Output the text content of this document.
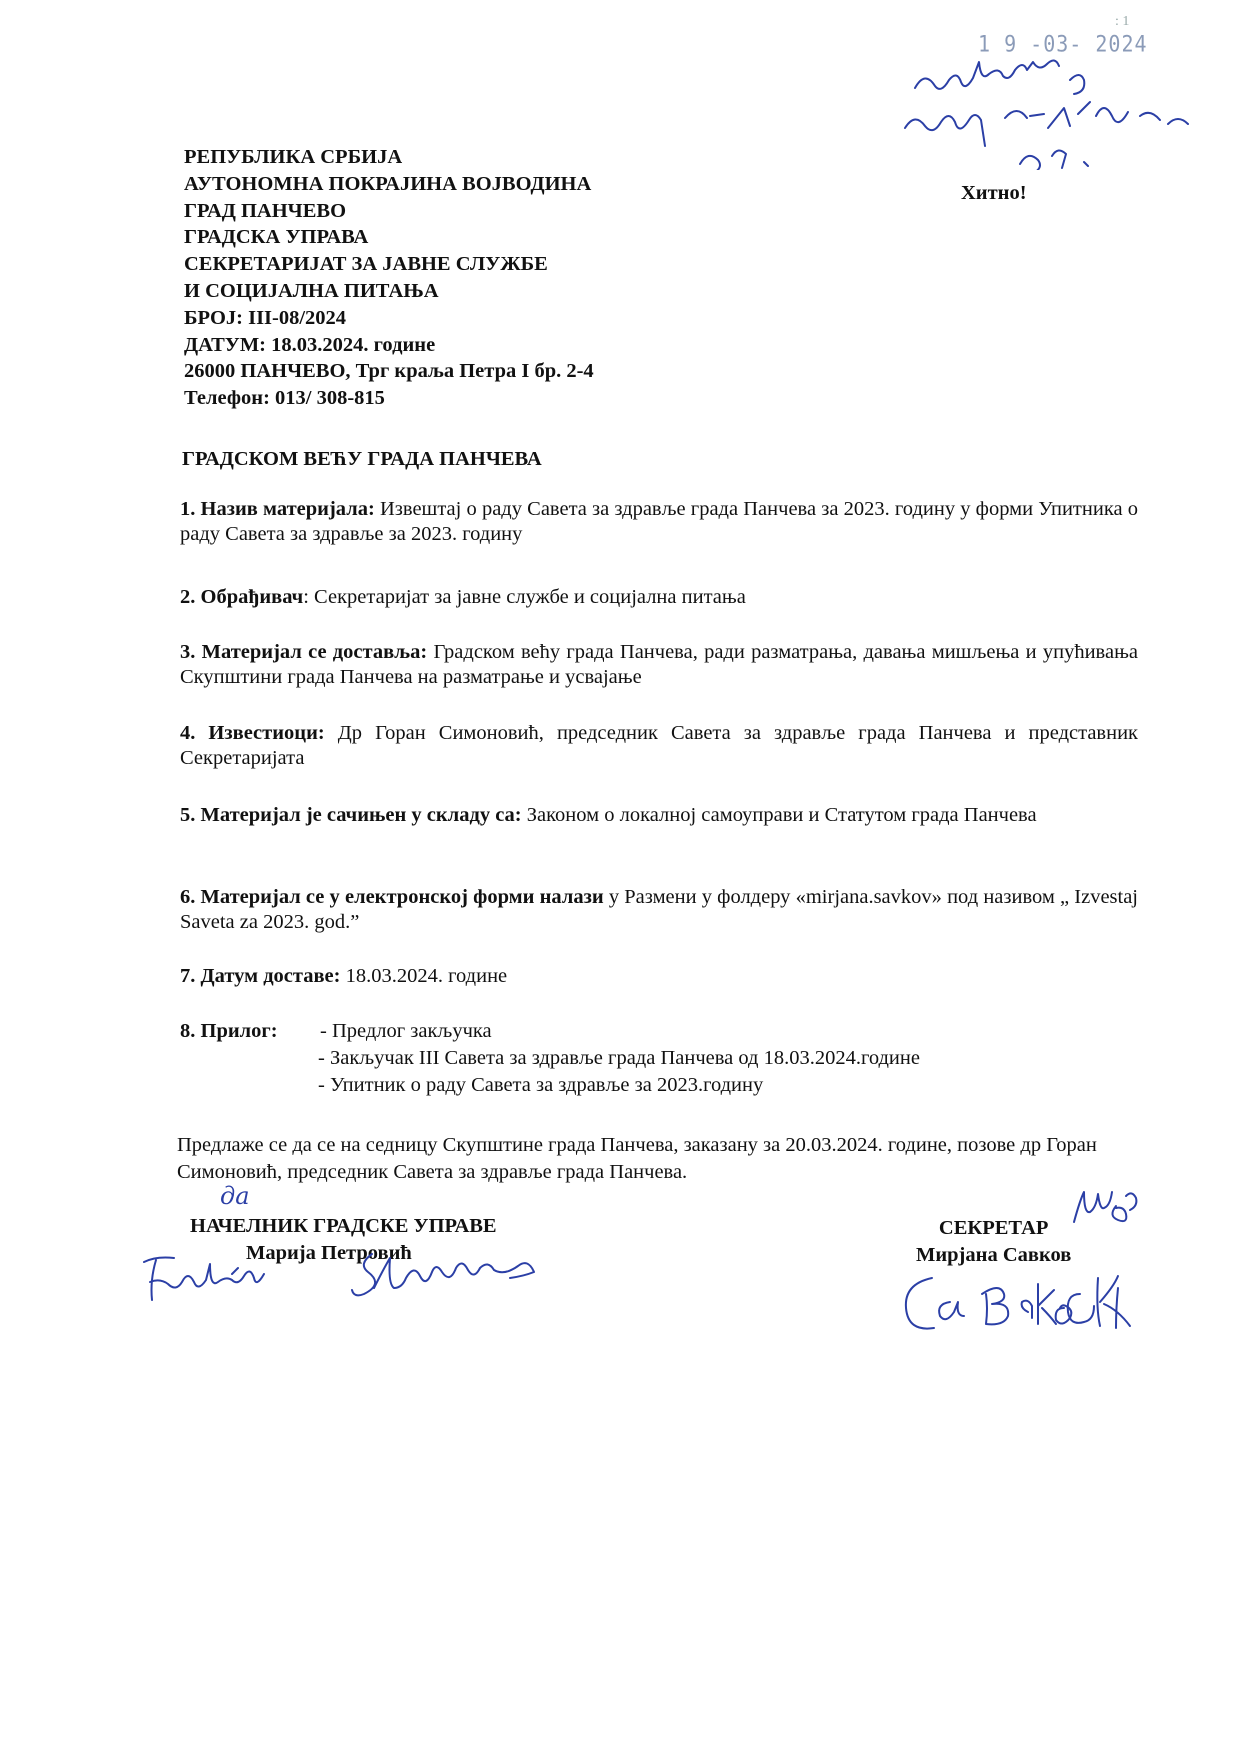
1 9 -03- 2024
: 1
РЕПУБЛИКА СРБИЈА
АУТОНОМНА ПОКРАЈИНА ВОЈВОДИНА
ГРАД ПАНЧЕВО
ГРАДСКА УПРАВА
СЕКРЕТАРИЈАТ ЗА ЈАВНЕ СЛУЖБЕ
И СОЦИЈАЛНА ПИТАЊА
БРОЈ: III-08/2024
ДАТУМ: 18.03.2024. године
26000 ПАНЧЕВО, Трг краља Петра I бр. 2-4
Телефон: 013/ 308-815
Хитно!
ГРАДСКОМ ВЕЋУ ГРАДА ПАНЧЕВА
1. Назив материјала: Извештај о раду Савета за здравље града Панчева за 2023. годину у форми Упитника о раду Савета за здравље за 2023. годину
2. Обрађивач: Секретаријат за јавне службе и социјална питања
3. Материјал се доставља: Градском већу града Панчева, ради разматрања, давања мишљења и упућивања Скупштини града Панчева на разматрање и усвајање
4. Известиоци: Др Горан Симоновић, председник Савета за здравље града Панчева и представник Секретаријата
5. Материјал је сачињен у складу са: Законом о локалној самоуправи и Статутом града Панчева
6. Материјал се у електронској форми налази у Размени у фолдеру «mirjana.savkov» под називом „ Izvestaj Saveta za 2023. god.”
7. Датум доставе: 18.03.2024. године
8. Прилог: - Предлог закључка
- Закључак III Савета за здравље града Панчева од 18.03.2024.године
- Упитник о раду Савета за здравље за 2023.годину
Предлаже се да се на седницу Скупштине града Панчева, заказану за 20.03.2024. године, позове др Горан Симоновић, председник Савета за здравље града Панчева.
да
НАЧЕЛНИК ГРАДСКЕ УПРАВЕ
Марија Петровић
СЕКРЕТАР
Мирјана Савков
